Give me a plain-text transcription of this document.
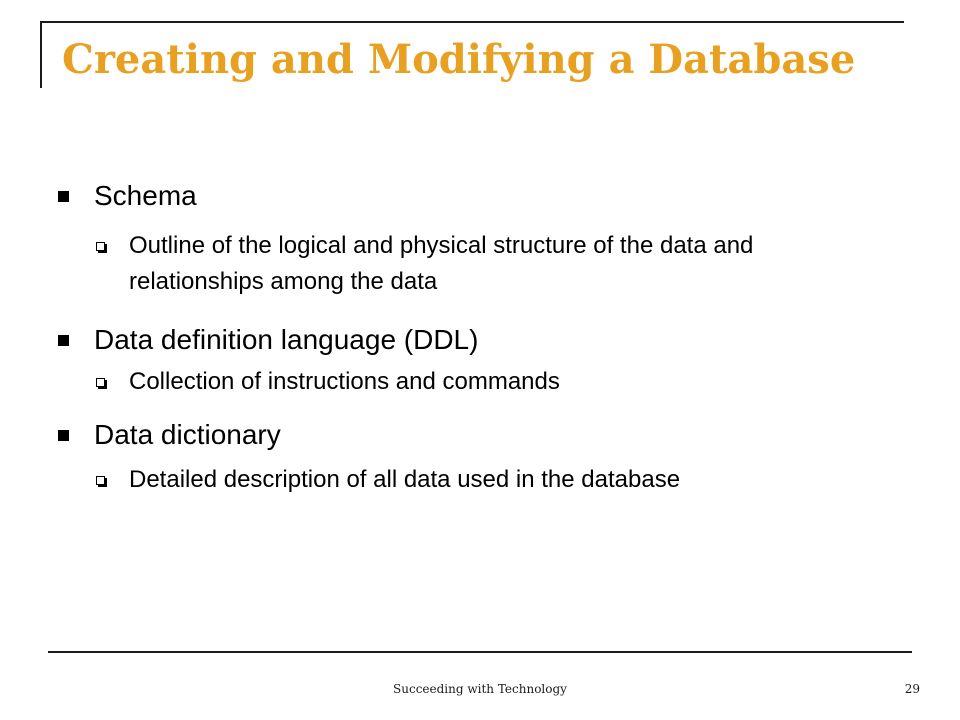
Creating and Modifying a Database
Schema
Outline of the logical and physical structure of the data and relationships among the data
Data definition language (DDL)
Collection of instructions and commands
Data dictionary
Detailed description of all data used in the database
Succeeding with Technology	29
